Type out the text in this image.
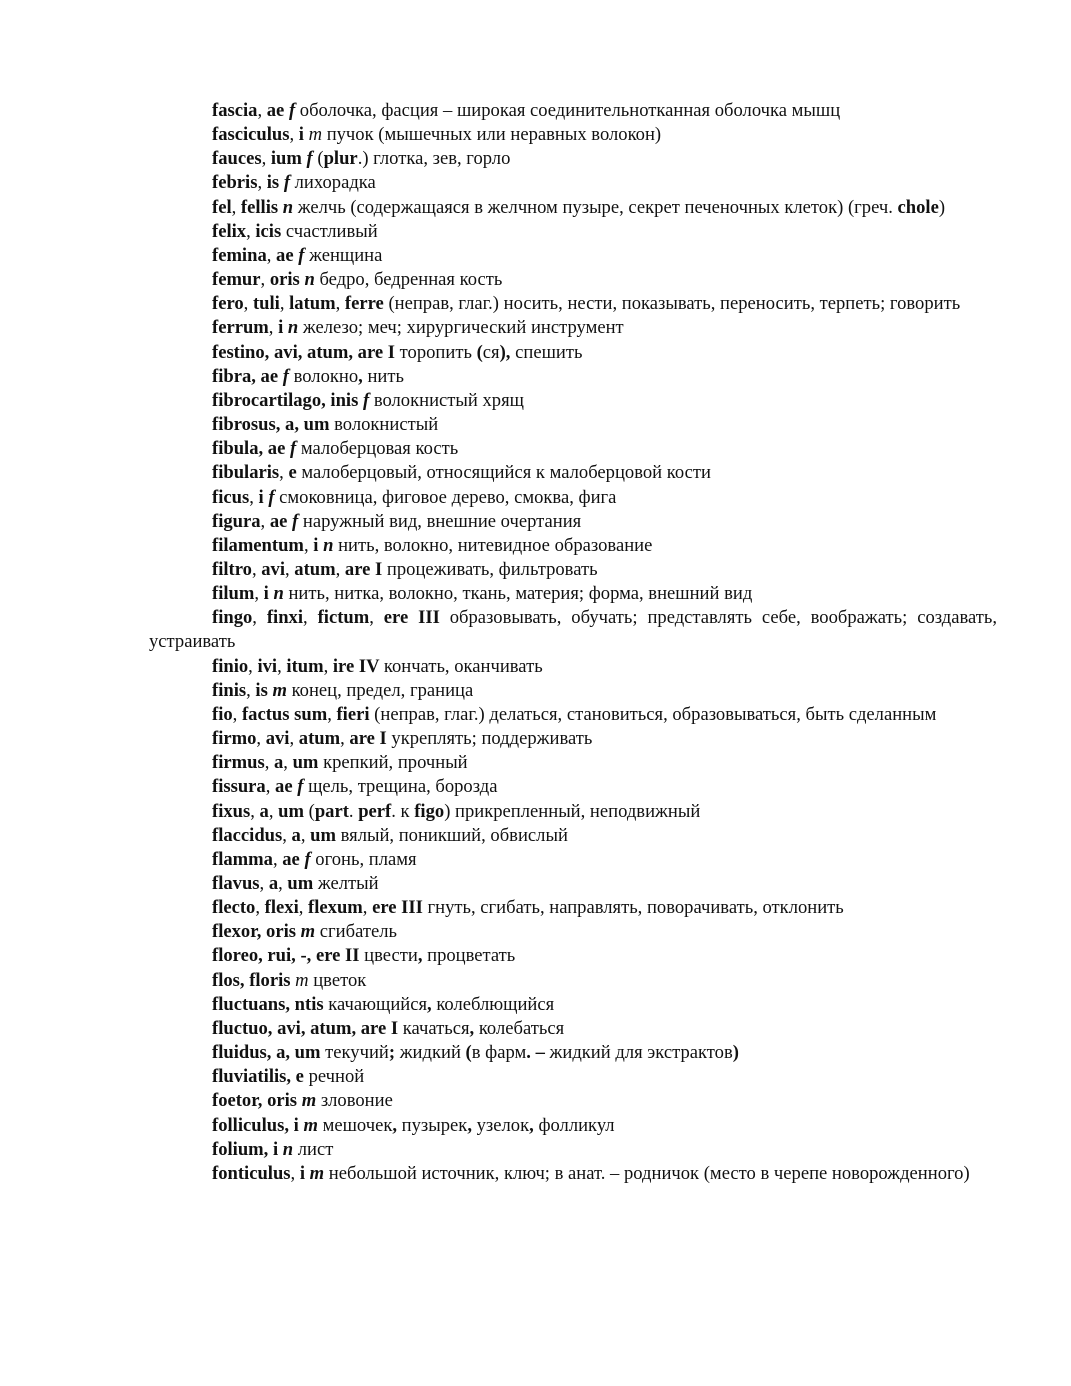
fascia, ae f оболочка, фасция – широкая соединительнотканная оболочка мышц
fasciculus, i m пучок (мышечных или неравных волокон)
fauces, ium f (plur.) глотка, зев, горло
febris, is f лихорадка
fel, fellis n желчь (содержащаяся в желчном пузыре, секрет печеночных клеток) (греч. chole)
felix, icis счастливый
femina, ae f женщина
femur, oris n бедро, бедренная кость
fero, tuli, latum, ferre (неправ, глаг.) носить, нести, показывать, переносить, терпеть; говорить
ferrum, i n железо; меч; хирургический инструмент
festino, avi, atum, are I торопить (ся), спешить
fibra, ae f волокно, нить
fibrocartilago, inis f волокнистый хрящ
fibrosus, a, um волокнистый
fibula, ae f малоберцовая кость
fibularis, e малоберцовый, относящийся к малоберцовой кости
ficus, i f смоковница, фиговое дерево, смоква, фига
figura, ae f наружный вид, внешние очертания
filamentum, i n нить, волокно, нитевидное образование
filtro, avi, atum, are I процеживать, фильтровать
filum, i n нить, нитка, волокно, ткань, материя; форма, внешний вид
fingo, finxi, fictum, ere III образовывать, обучать; представлять себе, воображать; создавать, устраивать
finio, ivi, itum, ire IV кончать, оканчивать
finis, is m конец, предел, граница
fio, factus sum, fieri (неправ, глаг.) делаться, становиться, образовываться, быть сделанным
firmo, avi, atum, are I укреплять; поддерживать
firmus, a, um крепкий, прочный
fissura, ae f щель, трещина, борозда
fixus, a, um (part. perf. к figo) прикрепленный, неподвижный
flaccidus, a, um вялый, поникший, обвислый
flamma, ae f огонь, пламя
flavus, a, um желтый
flecto, flexi, flexum, ere III гнуть, сгибать, направлять, поворачивать, отклонить
flexor, oris m сгибатель
floreo, rui, -, ere II цвести, процветать
flos, floris m цветок
fluctuans, ntis качающийся, колеблющийся
fluctuo, avi, atum, are I качаться, колебаться
fluidus, a, um текучий; жидкий (в фарм. – жидкий для экстрактов)
fluviatilis, e речной
foetor, oris m зловоние
folliculus, i m мешочек, пузырек, узелок, фолликул
folium, i n лист
fonticulus, i m небольшой источник, ключ; в анат. – родничок (место в черепе новорожденного)
